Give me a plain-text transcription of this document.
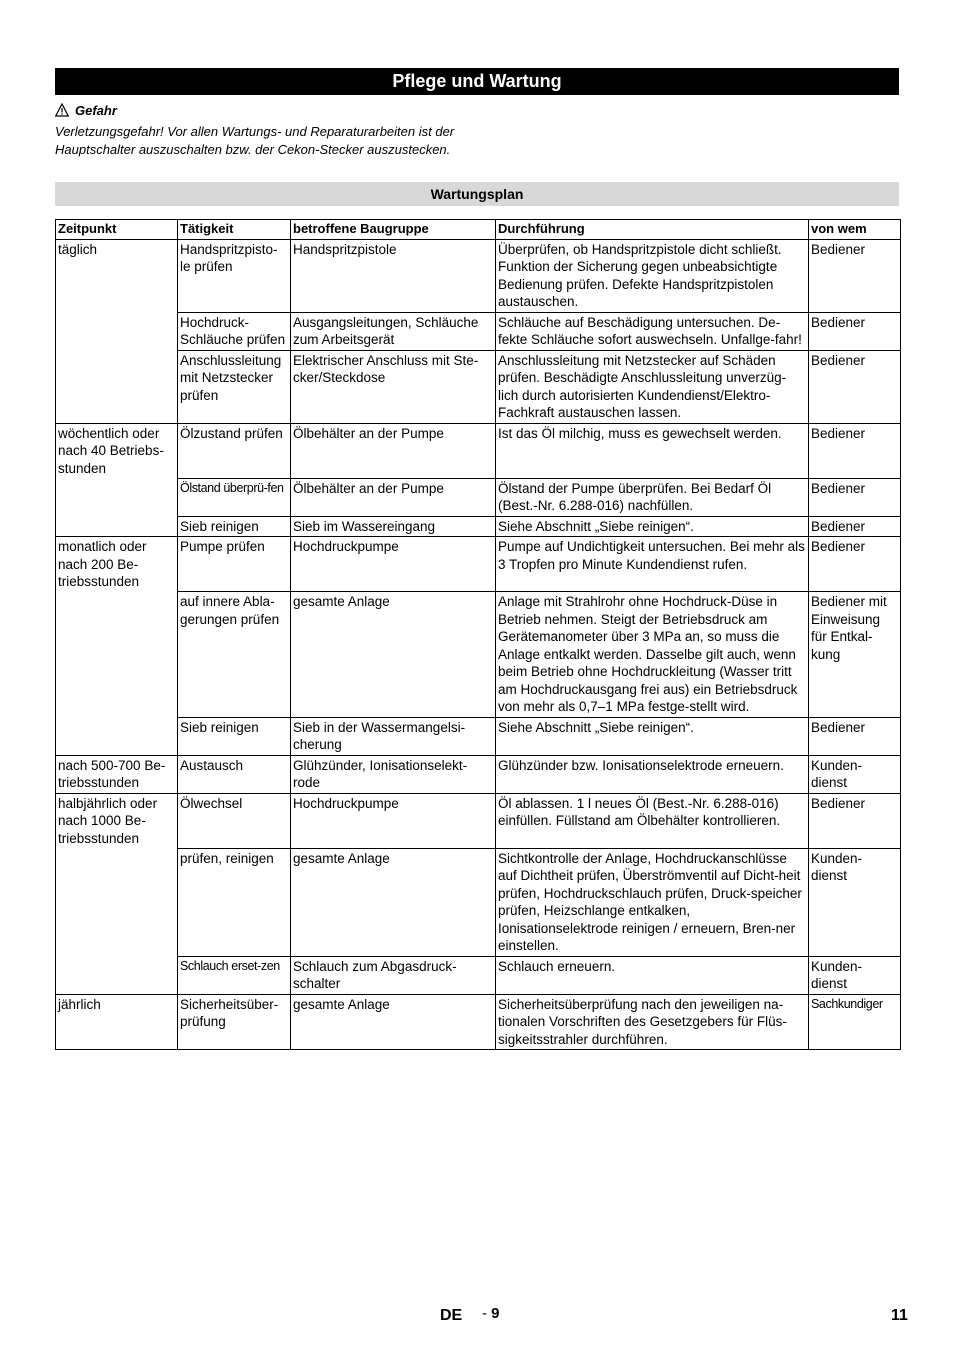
Pflege und Wartung
Gefahr
Verletzungsgefahr! Vor allen Wartungs- und Reparaturarbeiten ist der Hauptschalter auszuschalten bzw. der Cekon-Stecker auszustecken.
Wartungsplan
Zeitpunkt	Tätigkeit	betroffene Baugruppe	Durchführung	von wem
täglich	Handspritzpisto-le prüfen	Handspritzpistole	Überprüfen, ob Handspritzpistole dicht schließt. Funktion der Sicherung gegen unbeabsichtigte Bedienung prüfen. Defekte Handspritzpistolen austauschen.	Bediener
	Hochdruck-Schläuche prüfen	Ausgangsleitungen, Schläuche zum Arbeitsgerät	Schläuche auf Beschädigung untersuchen. De-fekte Schläuche sofort auswechseln. Unfallge-fahr!	Bediener
	Anschlussleitung mit Netzstecker prüfen	Elektrischer Anschluss mit Ste-cker/Steckdose	Anschlussleitung mit Netzstecker auf Schäden prüfen. Beschädigte Anschlussleitung unverzüg-lich durch autorisierten Kundendienst/Elektro-Fachkraft austauschen lassen.	Bediener
wöchentlich oder nach 40 Betriebs-stunden	Ölzustand prüfen	Ölbehälter an der Pumpe	Ist das Öl milchig, muss es gewechselt werden.	Bediener
	Ölstand überprü-fen	Ölbehälter an der Pumpe	Ölstand der Pumpe überprüfen. Bei Bedarf Öl (Best.-Nr. 6.288-016) nachfüllen.	Bediener
	Sieb reinigen	Sieb im Wassereingang	Siehe Abschnitt „Siebe reinigen“.	Bediener
monatlich oder nach 200 Be-triebsstunden	Pumpe prüfen	Hochdruckpumpe	Pumpe auf Undichtigkeit untersuchen. Bei mehr als 3 Tropfen pro Minute Kundendienst rufen.	Bediener
	auf innere Abla-gerungen prüfen	gesamte Anlage	Anlage mit Strahlrohr ohne Hochdruck-Düse in Betrieb nehmen. Steigt der Betriebsdruck am Gerätemanometer über 3 MPa an, so muss die Anlage entkalkt werden. Dasselbe gilt auch, wenn beim Betrieb ohne Hochdruckleitung (Wasser tritt am Hochdruckausgang frei aus) ein Betriebsdruck von mehr als 0,7–1 MPa festge-stellt wird.	Bediener mit Einweisung für Entkal-kung
	Sieb reinigen	Sieb in der Wassermangelsi-cherung	Siehe Abschnitt „Siebe reinigen“.	Bediener
nach 500-700 Be-triebsstunden	Austausch	Glühzünder, Ionisationselekt-rode	Glühzünder bzw. Ionisationselektrode erneuern.	Kunden-dienst
halbjährlich oder nach 1000 Be-triebsstunden	Ölwechsel	Hochdruckpumpe	Öl ablassen. 1 l neues Öl (Best.-Nr. 6.288-016) einfüllen. Füllstand am Ölbehälter kontrollieren.	Bediener
	prüfen, reinigen	gesamte Anlage	Sichtkontrolle der Anlage, Hochdruckanschlüsse auf Dichtheit prüfen, Überströmventil auf Dicht-heit prüfen, Hochdruckschlauch prüfen, Druck-speicher prüfen, Heizschlange entkalken, Ionisationselektrode reinigen / erneuern, Bren-ner einstellen.	Kunden-dienst
	Schlauch erset-zen	Schlauch zum Abgasdruck-schalter	Schlauch erneuern.	Kunden-dienst
jährlich	Sicherheitsüber-prüfung	gesamte Anlage	Sicherheitsüberprüfung nach den jeweiligen na-tionalen Vorschriften des Gesetzgebers für Flüs-sigkeitsstrahler durchführen.	Sachkundiger
DE - 9	11
